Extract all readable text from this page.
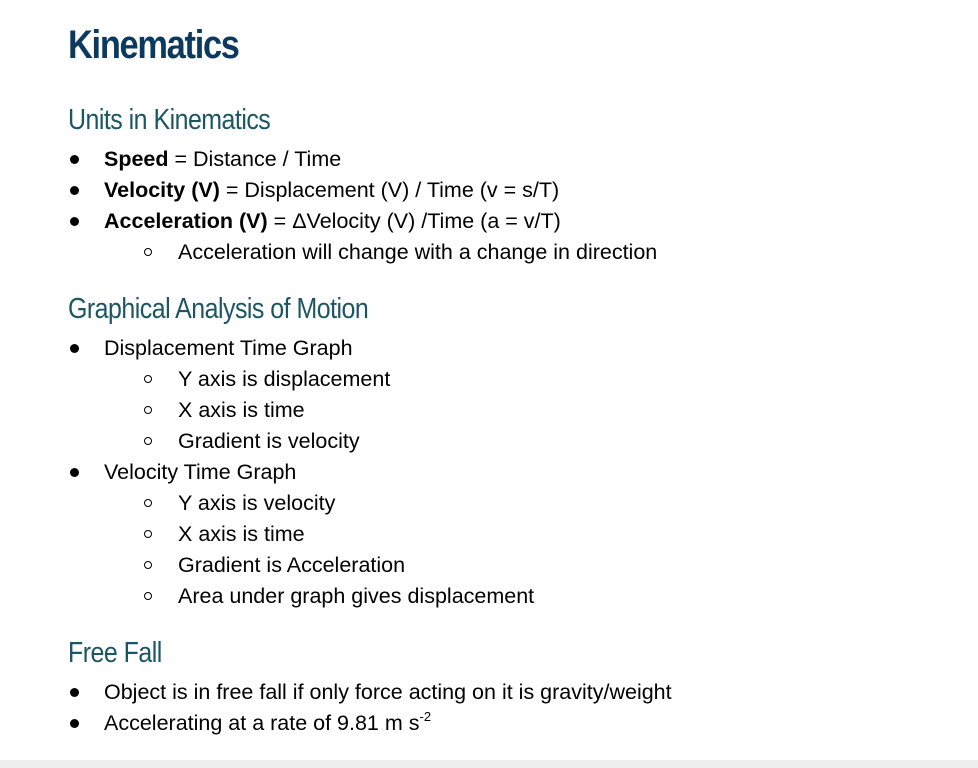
Kinematics
Units in Kinematics
Speed = Distance / Time
Velocity (V) = Displacement (V) / Time (v = s/T)
Acceleration (V) = ΔVelocity (V) /Time (a = v/T)
Acceleration will change with a change in direction
Graphical Analysis of Motion
Displacement Time Graph
Y axis is displacement
X axis is time
Gradient is velocity
Velocity Time Graph
Y axis is velocity
X axis is time
Gradient is Acceleration
Area under graph gives displacement
Free Fall
Object is in free fall if only force acting on it is gravity/weight
Accelerating at a rate of 9.81 m $s^{-2}$
